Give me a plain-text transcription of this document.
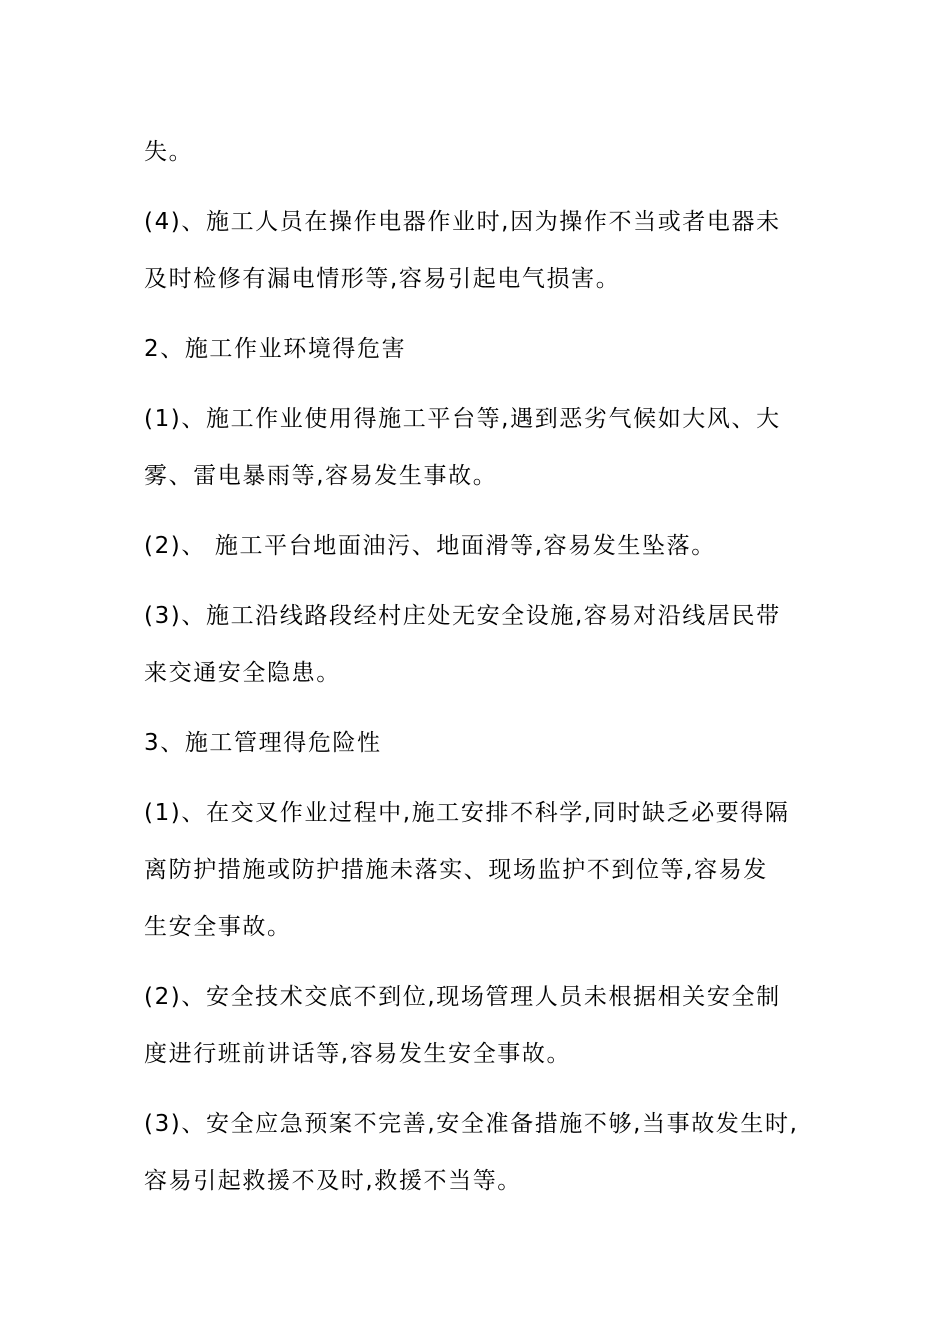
失。
(4)、施工人员在操作电器作业时,因为操作不当或者电器未
及时检修有漏电情形等,容易引起电气损害。
2、施工作业环境得危害
(1)、施工作业使用得施工平台等,遇到恶劣气候如大风、大
雾、雷电暴雨等,容易发生事故。
(2)、 施工平台地面油污、地面滑等,容易发生坠落。
(3)、施工沿线路段经村庄处无安全设施,容易对沿线居民带
来交通安全隐患。
3、施工管理得危险性
(1)、在交叉作业过程中,施工安排不科学,同时缺乏必要得隔
离防护措施或防护措施未落实、现场监护不到位等,容易发
生安全事故。
(2)、安全技术交底不到位,现场管理人员未根据相关安全制
度进行班前讲话等,容易发生安全事故。
(3)、安全应急预案不完善,安全准备措施不够,当事故发生时,
容易引起救援不及时,救援不当等。
